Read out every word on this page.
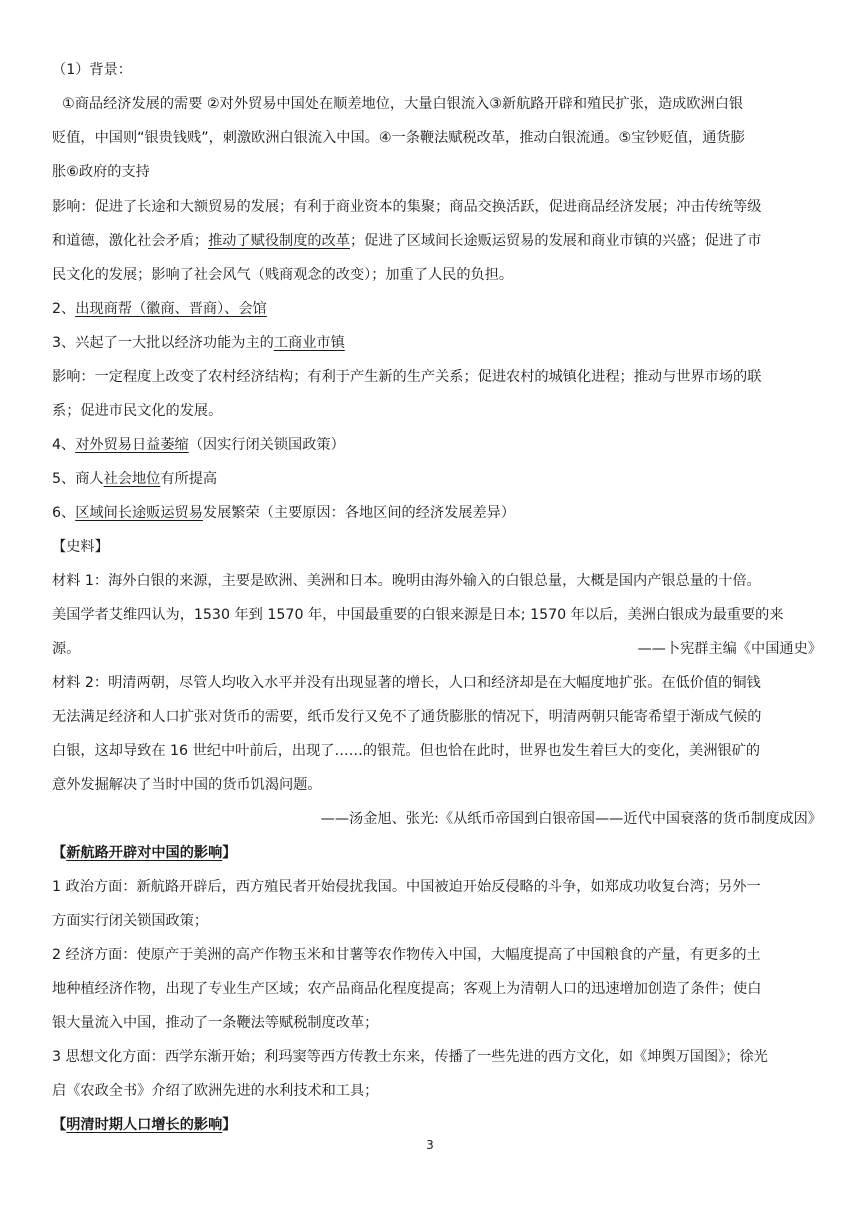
（1）背景：
①商品经济发展的需要 ②对外贸易中国处在顺差地位，大量白银流入③新航路开辟和殖民扩张，造成欧洲白银
贬值，中国则“银贵钱贱”，刺激欧洲白银流入中国。④一条鞭法赋税改革，推动白银流通。⑤宝钞贬值，通货膨
胀⑥政府的支持
影响：促进了长途和大额贸易的发展；有利于商业资本的集聚；商品交换活跃，促进商品经济发展；冲击传统等级
和道德，激化社会矛盾；推动了赋役制度的改革；促进了区域间长途贩运贸易的发展和商业市镇的兴盛；促进了市
民文化的发展；影响了社会风气（贱商观念的改变）；加重了人民的负担。
2、出现商帮（徽商、晋商）、会馆
3、兴起了一大批以经济功能为主的工商业市镇
影响：一定程度上改变了农村经济结构；有利于产生新的生产关系；促进农村的城镇化进程；推动与世界市场的联
系；促进市民文化的发展。
4、对外贸易日益萎缩（因实行闭关锁国政策）
5、商人社会地位有所提高
6、区域间长途贩运贸易发展繁荣（主要原因：各地区间的经济发展差异）
【史料】
材料 1：海外白银的来源，主要是欧洲、美洲和日本。晚明由海外输入的白银总量，大概是国内产银总量的十倍。
美国学者艾维四认为，1530 年到 1570 年，中国最重要的白银来源是日本; 1570 年以后，美洲白银成为最重要的来
源。	——卜宪群主编《中国通史》
材料 2：明清两朝，尽管人均收入水平并没有出现显著的增长，人口和经济却是在大幅度地扩张。在低价值的铜钱
无法满足经济和人口扩张对货币的需要，纸币发行又免不了通货膨胀的情况下，明清两朝只能寄希望于渐成气候的
白银，这却导致在 16 世纪中叶前后，出现了……的银荒。但也恰在此时，世界也发生着巨大的变化，美洲银矿的
意外发掘解决了当时中国的货币饥渴问题。
——汤金旭、张光:《从纸币帝国到白银帝国——近代中国衰落的货币制度成因》
【新航路开辟对中国的影响】
1 政治方面：新航路开辟后，西方殖民者开始侵扰我国。中国被迫开始反侵略的斗争，如郑成功收复台湾；另外一
方面实行闭关锁国政策；
2 经济方面：使原产于美洲的高产作物玉米和甘薯等农作物传入中国，大幅度提高了中国粮食的产量，有更多的土
地种植经济作物，出现了专业生产区域；农产品商品化程度提高；客观上为清朝人口的迅速增加创造了条件；使白
银大量流入中国，推动了一条鞭法等赋税制度改革；
3 思想文化方面：西学东渐开始；利玛窦等西方传教士东来，传播了一些先进的西方文化，如《坤舆万国图》；徐光
启《农政全书》介绍了欧洲先进的水利技术和工具；
【明清时期人口增长的影响】
3
